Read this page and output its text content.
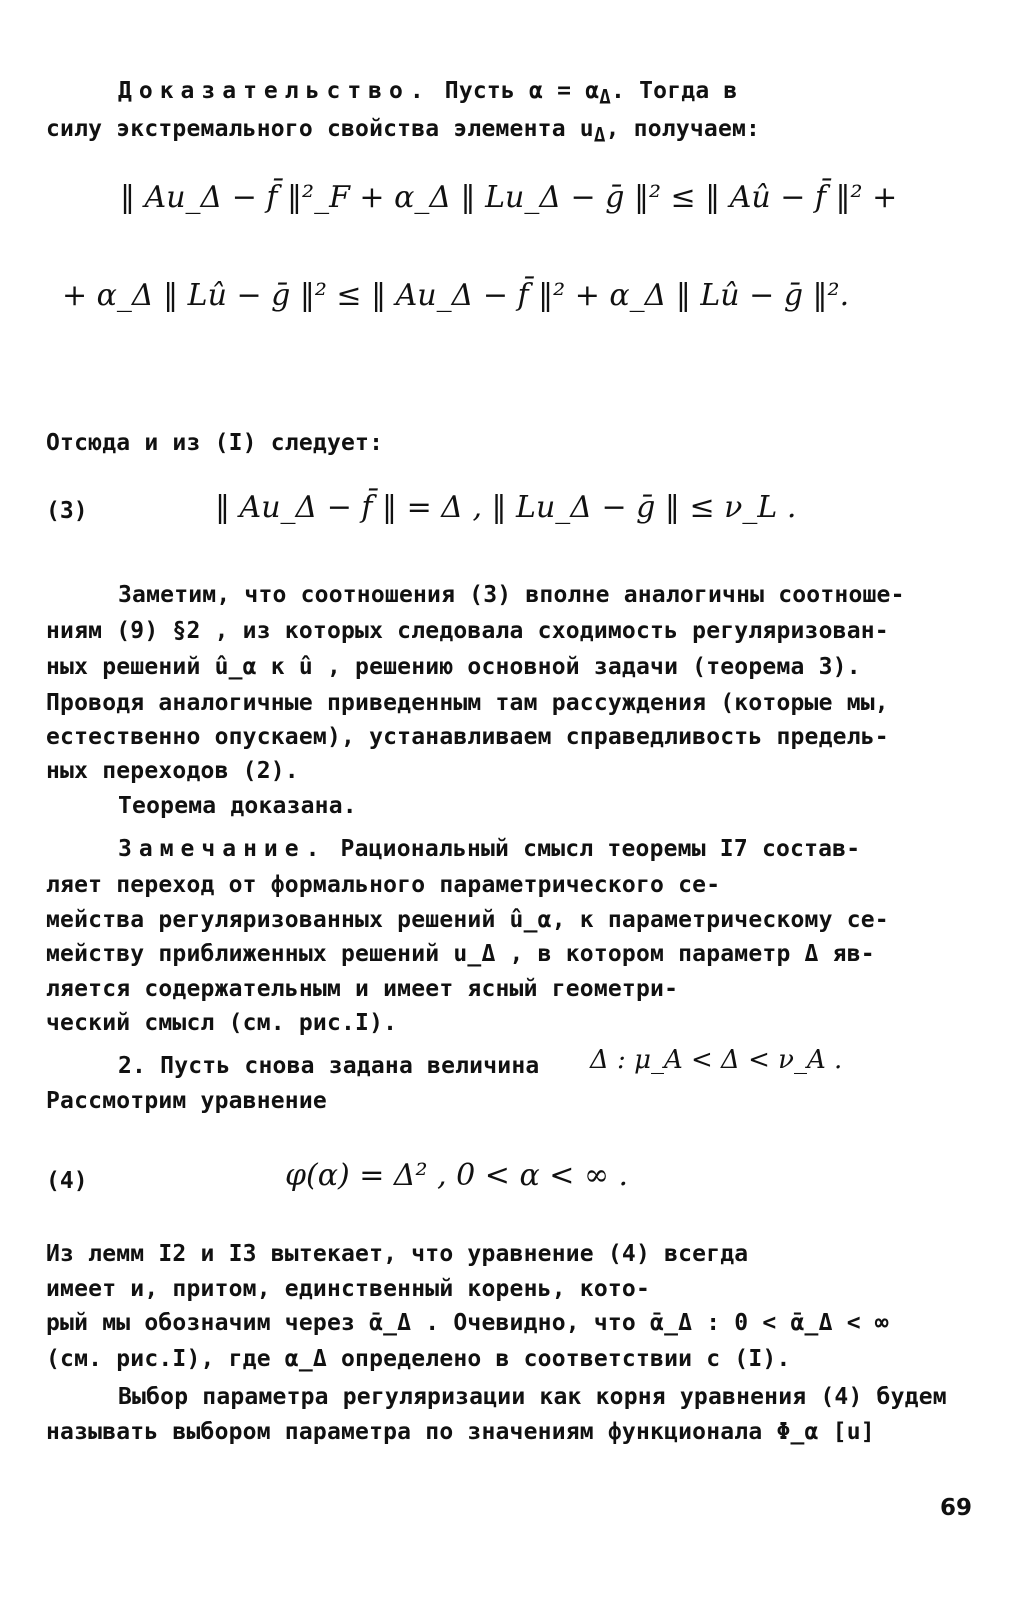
Доказательство. Пусть $\alpha = \alpha_\Delta$. Тогда в
силу экстремального свойства элемента $u_\Delta$, получаем:
‖ Au_Δ − f̄ ‖²_F + α_Δ ‖ Lu_Δ − ḡ ‖² ≤ ‖ Aû − f̄ ‖² +
+ α_Δ ‖ Lû − ḡ ‖² ≤ ‖ Au_Δ − f̄ ‖² + α_Δ ‖ Lû − ḡ ‖².
Отсюда и из (I) следует:
(3)	‖ Au_Δ − f̄ ‖ = Δ , ‖ Lu_Δ − ḡ ‖ ≤ ν_L .
Заметим, что соотношения (3) вполне аналогичны соотноше-
ниям (9) §2 , из которых следовала сходимость регуляризован-
ных решений û_α к û , решению основной задачи (теорема 3).
Проводя аналогичные приведенным там рассуждения (которые мы,
естественно опускаем), устанавливаем справедливость предель-
ных переходов (2).
Теорема доказана.
Замечание. Рациональный смысл теоремы I7 состав-
ляет переход от формального параметрического се-
мейства регуляризованных решений û_α, к параметрическому се-
мейству приближенных решений u_Δ , в котором параметр Δ яв-
ляется содержательным и имеет ясный геометри-
ческий смысл (см. рис.I).
2. Пусть снова задана величина	Δ : μ_A < Δ < ν_A .
Рассмотрим уравнение
(4)	φ(α) = Δ² , 0 < α < ∞ .
Из лемм I2 и I3 вытекает, что уравнение (4) всегда
имеет и, притом, единственный корень, кото-
рый мы обозначим через ᾱ_Δ . Очевидно, что ᾱ_Δ : 0 < ᾱ_Δ < ∞
(см. рис.I), где α_Δ определено в соответствии с (I).
Выбор параметра регуляризации как корня уравнения (4) будем
называть выбором параметра по значениям функционала Φ_α [u]
69
